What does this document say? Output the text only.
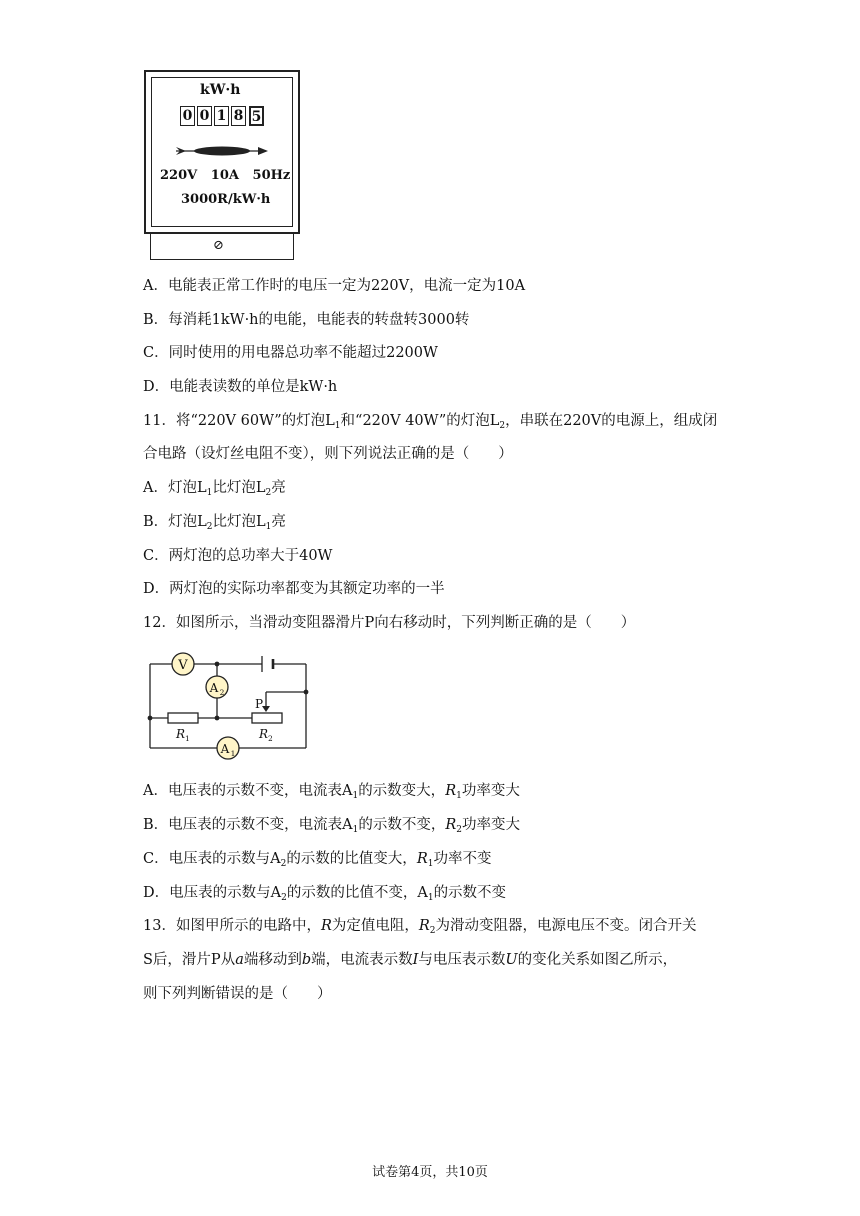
kW·h
0 0 1 8 5
220V   10A   50Hz
3000R/kW·h
⊘
A．电能表正常工作时的电压一定为220V，电流一定为10A
B．每消耗1kW·h的电能，电能表的转盘转3000转
C．同时使用的用电器总功率不能超过2200W
D．电能表读数的单位是kW·h
11．将“220V 60W”的灯泡$L_1$和“220V 40W”的灯泡$L_2$，串联在220V的电源上，组成闭
合电路（设灯丝电阻不变），则下列说法正确的是（　　）
A．灯泡$L_1$比灯泡$L_2$亮
B．灯泡$L_2$比灯泡$L_1$亮
C．两灯泡的总功率大于40W
D．两灯泡的实际功率都变为其额定功率的一半
12．如图所示，当滑动变阻器滑片P向右移动时，下列判断正确的是（　　）
V
A 2
A 1
P
R 1	R 2
A．电压表的示数不变，电流表$A_1$的示数变大，$R_1$功率变大
B．电压表的示数不变，电流表$A_1$的示数不变，$R_2$功率变大
C．电压表的示数与$A_2$的示数的比值变大，$R_1$功率不变
D．电压表的示数与$A_2$的示数的比值不变，$A_1$的示数不变
13．如图甲所示的电路中，R为定值电阻，$R_2$为滑动变阻器，电源电压不变。闭合开关
S后，滑片P从a端移动到b端，电流表示数I与电压表示数U的变化关系如图乙所示，
则下列判断错误的是（　　）
试卷第4页，共10页
